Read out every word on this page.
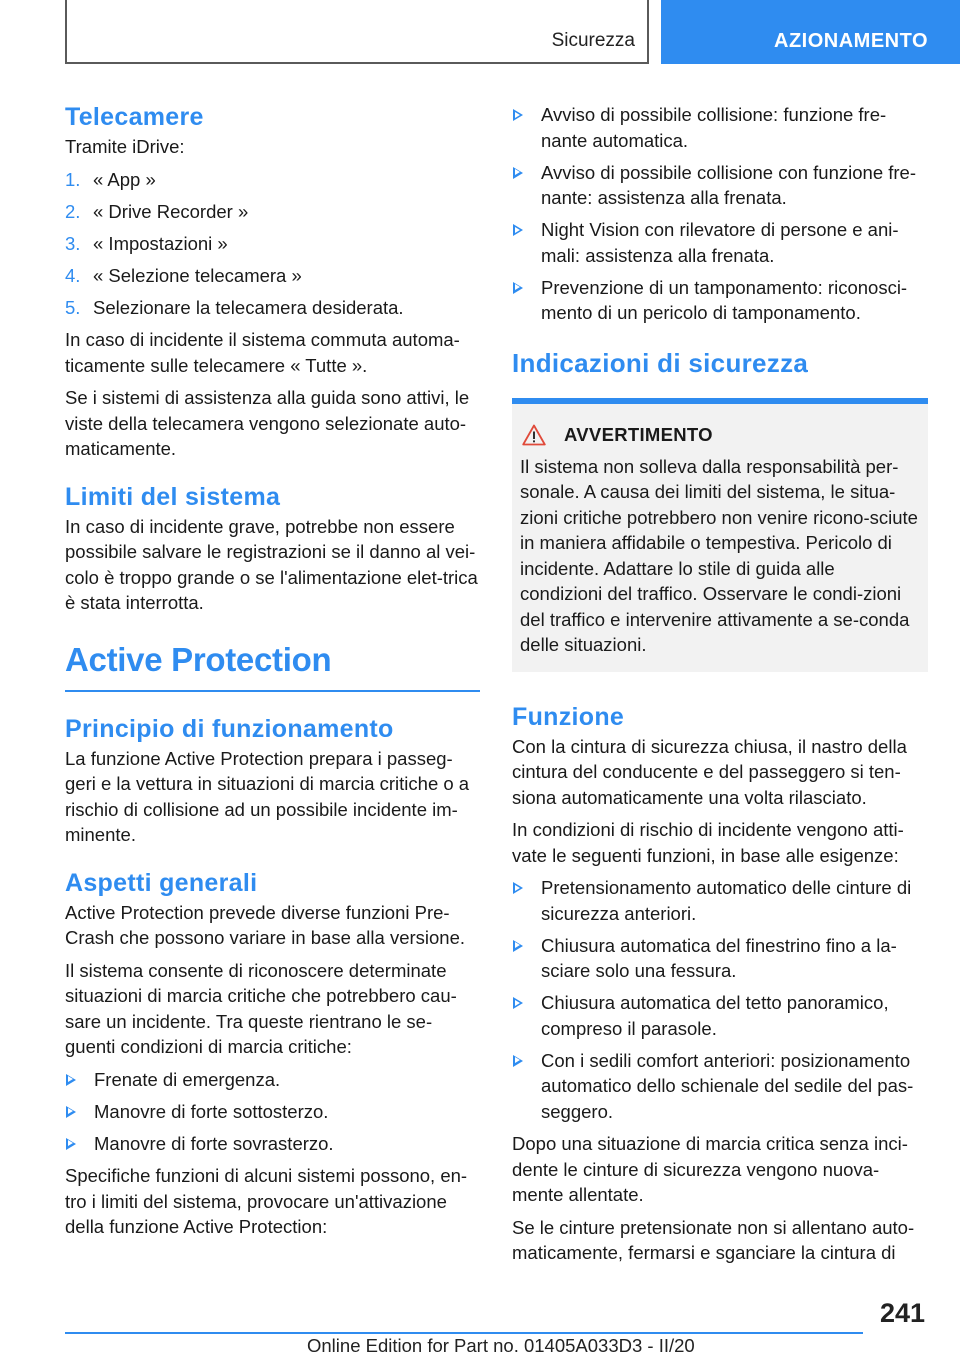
Sicurezza	AZIONAMENTO
Telecamere

Tramite iDrive:

1. « App »
2. « Drive Recorder »
3. « Impostazioni »
4. « Selezione telecamera »
5. Selezionare la telecamera desiderata.

In caso di incidente il sistema commuta automa-ticamente sulle telecamere « Tutte ».

Se i sistemi di assistenza alla guida sono attivi, le viste della telecamera vengono selezionate auto-maticamente.

Limiti del sistema

In caso di incidente grave, potrebbe non essere possibile salvare le registrazioni se il danno al vei-colo è troppo grande o se l'alimentazione elet-trica è stata interrotta.

Active Protection
Principio di funzionamento

La funzione Active Protection prepara i passeg-geri e la vettura in situazioni di marcia critiche o a rischio di collisione ad un possibile incidente im-minente.

Aspetti generali

Active Protection prevede diverse funzioni Pre-Crash che possono variare in base alla versione.

Il sistema consente di riconoscere determinate situazioni di marcia critiche che potrebbero cau-sare un incidente. Tra queste rientrano le se-guenti condizioni di marcia critiche:

Frenate di emergenza.
Manovre di forte sottosterzo.
Manovre di forte sovrasterzo.

Specifiche funzioni di alcuni sistemi possono, en-tro i limiti del sistema, provocare un'attivazione della funzione Active Protection:

Avviso di possibile collisione: funzione fre-nante automatica.
Avviso di possibile collisione con funzione fre-nante: assistenza alla frenata.
Night Vision con rilevatore di persone e ani-mali: assistenza alla frenata.
Prevenzione di un tamponamento: riconosci-mento di un pericolo di tamponamento.
Indicazioni di sicurezza
AVVERTIMENTO

Il sistema non solleva dalla responsabilità per-sonale. A causa dei limiti del sistema, le situa-zioni critiche potrebbero non venire ricono-sciute in maniera affidabile o tempestiva. Pericolo di incidente. Adattare lo stile di guida alle condizioni del traffico. Osservare le condi-zioni del traffico e intervenire attivamente a se-conda delle situazioni.

Funzione

Con la cintura di sicurezza chiusa, il nastro della cintura del conducente e del passeggero si ten-siona automaticamente una volta rilasciato.

In condizioni di rischio di incidente vengono atti-vate le seguenti funzioni, in base alle esigenze:

Pretensionamento automatico delle cinture di sicurezza anteriori.
Chiusura automatica del finestrino fino a la-sciare solo una fessura.
Chiusura automatica del tetto panoramico, compreso il parasole.
Con i sedili comfort anteriori: posizionamento automatico dello schienale del sedile del pas-seggero.

Dopo una situazione di marcia critica senza inci-dente le cinture di sicurezza vengono nuova-mente allentate.

Se le cinture pretensionate non si allentano auto-maticamente, fermarsi e sganciare la cintura di

241
Online Edition for Part no. 01405A033D3 - II/20
